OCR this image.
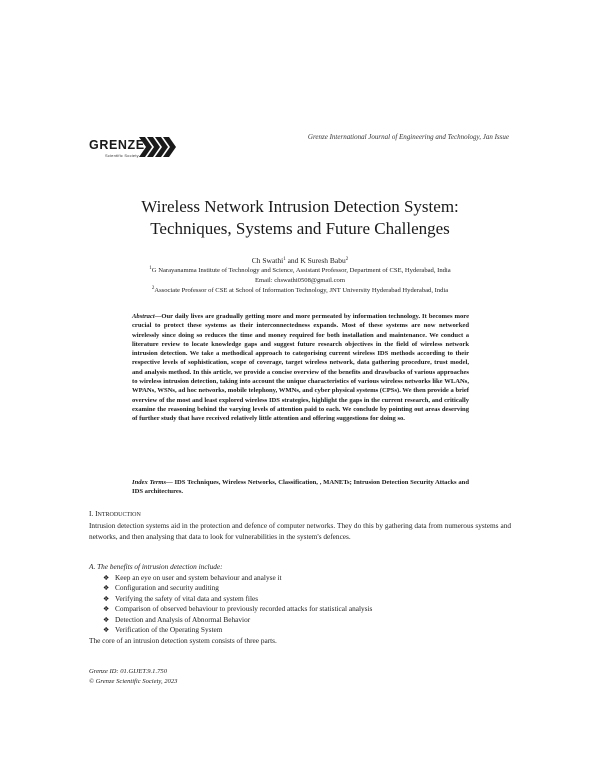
GRENZE
Scientific Society
Grenze International Journal of Engineering and Technology, Jan Issue
Wireless Network Intrusion Detection System:
Techniques, Systems and Future Challenges
Ch Swathi$^1$ and K Suresh Babu$^2$
$^1$G Narayanamma Institute of Technology and Science, Assistant Professor, Department of CSE, Hyderabad, India
Email: chswathi0508@gmail.com
$^2$Associate Professor of CSE at School of Information Technology, JNT University Hyderabad Hyderabad, India
Abstract—Our daily lives are gradually getting more and more permeated by information technology. It becomes more crucial to protect these systems as their interconnectedness expands. Most of these systems are now networked wirelessly since doing so reduces the time and money required for both installation and maintenance. We conduct a literature review to locate knowledge gaps and suggest future research objectives in the field of wireless network intrusion detection. We take a methodical approach to categorising current wireless IDS methods according to their respective levels of sophistication, scope of coverage, target wireless network, data gathering procedure, trust model, and analysis method. In this article, we provide a concise overview of the benefits and drawbacks of various approaches to wireless intrusion detection, taking into account the unique characteristics of various wireless networks like WLANs, WPANs, WSNs, ad hoc networks, mobile telephony, WMNs, and cyber physical systems (CPSs). We then provide a brief overview of the most and least explored wireless IDS strategies, highlight the gaps in the current research, and critically examine the reasoning behind the varying levels of attention paid to each. We conclude by pointing out areas deserving of further study that have received relatively little attention and offering suggestions for doing so.
Index Terms— IDS Techniques, Wireless Networks, Classification, , MANETs; Intrusion Detection Security Attacks and IDS architectures.
I. INTRODUCTION
Intrusion detection systems aid in the protection and defence of computer networks. They do this by gathering data from numerous systems and networks, and then analysing that data to look for vulnerabilities in the system's defences.
A. The benefits of intrusion detection include:
❖ Keep an eye on user and system behaviour and analyse it
❖ Configuration and security auditing
❖ Verifying the safety of vital data and system files
❖ Comparison of observed behaviour to previously recorded attacks for statistical analysis
❖ Detection and Analysis of Abnormal Behavior
❖ Verification of the Operating System
The core of an intrusion detection system consists of three parts.
Grenze ID: 01.GIJET.9.1.750
© Grenze Scientific Society, 2023
